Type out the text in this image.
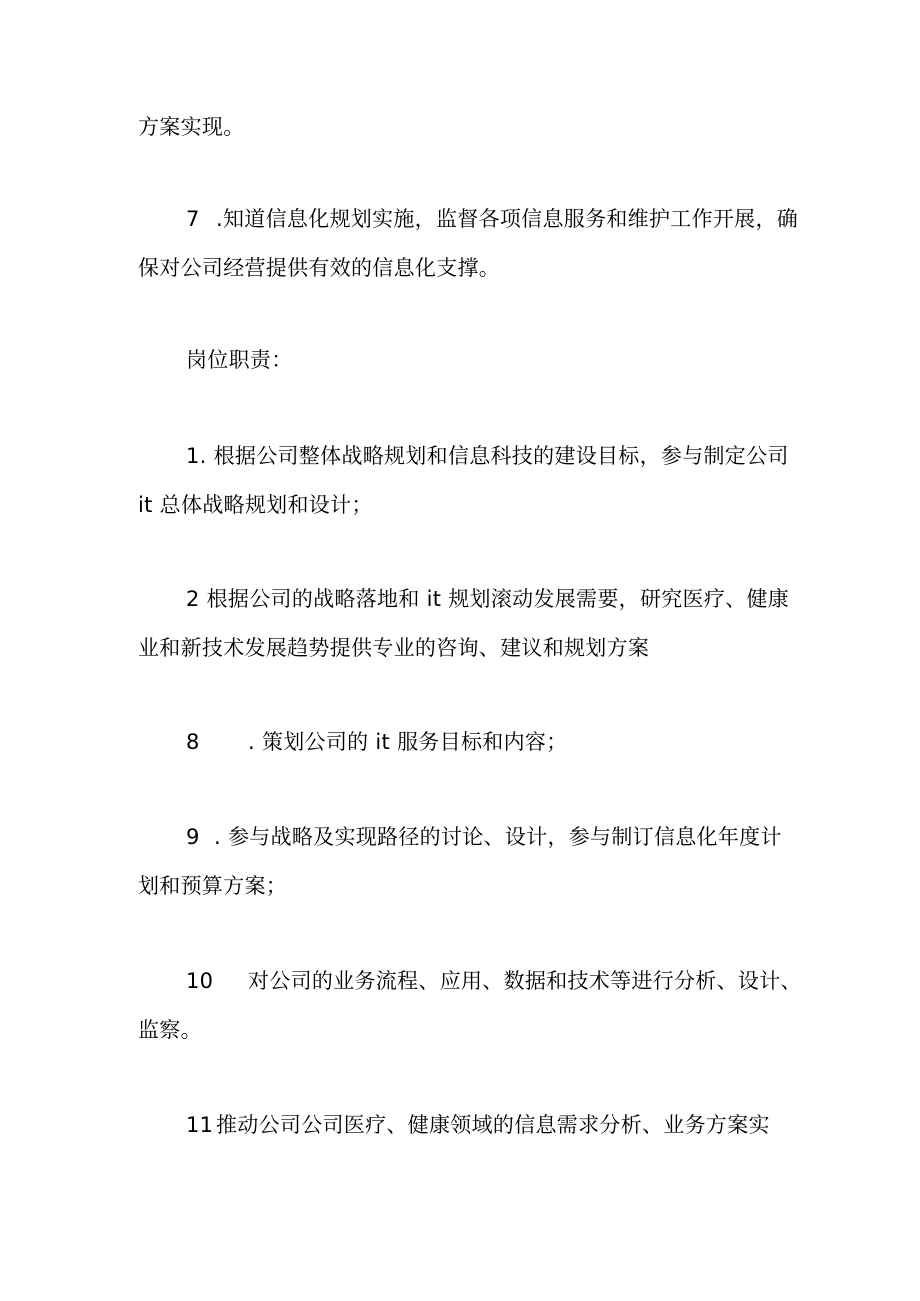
方案实现。
7 .知道信息化规划实施，监督各项信息服务和维护工作开展，确
保对公司经营提供有效的信息化支撑。
岗位职责：
1. 根据公司整体战略规划和信息科技的建设目标，参与制定公司
it 总体战略规划和设计；
2 根据公司的战略落地和 it 规划滚动发展需要，研究医疗、健康
业和新技术发展趋势提供专业的咨询、建议和规划方案
8 . 策划公司的 it 服务目标和内容；
9 . 参与战略及实现路径的讨论、设计，参与制订信息化年度计
划和预算方案；
10 对公司的业务流程、应用、数据和技术等进行分析、设计、
监察。
11 推动公司公司医疗、健康领域的信息需求分析、业务方案实
